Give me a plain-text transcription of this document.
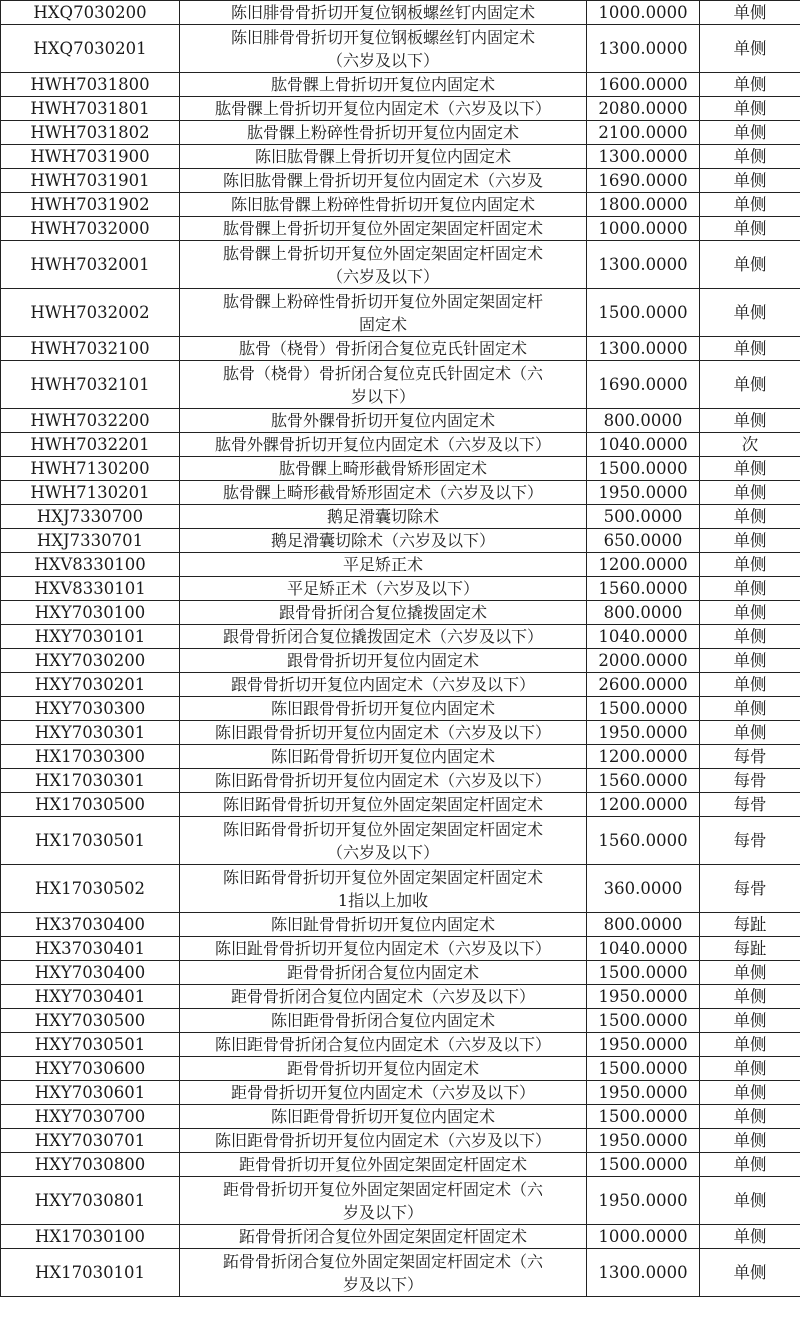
HXQ7030200	陈旧腓骨骨折切开复位钢板螺丝钉内固定术	1000.0000	单侧
HXQ7030201	陈旧腓骨骨折切开复位钢板螺丝钉内固定术
（六岁及以下）	1300.0000	单侧
HWH7031800	肱骨髁上骨折切开复位内固定术	1600.0000	单侧
HWH7031801	肱骨髁上骨折切开复位内固定术（六岁及以下）	2080.0000	单侧
HWH7031802	肱骨髁上粉碎性骨折切开复位内固定术	2100.0000	单侧
HWH7031900	陈旧肱骨髁上骨折切开复位内固定术	1300.0000	单侧
HWH7031901	陈旧肱骨髁上骨折切开复位内固定术（六岁及	1690.0000	单侧
HWH7031902	陈旧肱骨髁上粉碎性骨折切开复位内固定术	1800.0000	单侧
HWH7032000	肱骨髁上骨折切开复位外固定架固定杆固定术	1000.0000	单侧
HWH7032001	肱骨髁上骨折切开复位外固定架固定杆固定术
（六岁及以下）	1300.0000	单侧
HWH7032002	肱骨髁上粉碎性骨折切开复位外固定架固定杆
固定术	1500.0000	单侧
HWH7032100	肱骨（桡骨）骨折闭合复位克氏针固定术	1300.0000	单侧
HWH7032101	肱骨（桡骨）骨折闭合复位克氏针固定术（六
岁以下）	1690.0000	单侧
HWH7032200	肱骨外髁骨折切开复位内固定术	800.0000	单侧
HWH7032201	肱骨外髁骨折切开复位内固定术（六岁及以下）	1040.0000	次
HWH7130200	肱骨髁上畸形截骨矫形固定术	1500.0000	单侧
HWH7130201	肱骨髁上畸形截骨矫形固定术（六岁及以下）	1950.0000	单侧
HXJ7330700	鹅足滑囊切除术	500.0000	单侧
HXJ7330701	鹅足滑囊切除术（六岁及以下）	650.0000	单侧
HXV8330100	平足矫正术	1200.0000	单侧
HXV8330101	平足矫正术（六岁及以下）	1560.0000	单侧
HXY7030100	跟骨骨折闭合复位撬拨固定术	800.0000	单侧
HXY7030101	跟骨骨折闭合复位撬拨固定术（六岁及以下）	1040.0000	单侧
HXY7030200	跟骨骨折切开复位内固定术	2000.0000	单侧
HXY7030201	跟骨骨折切开复位内固定术（六岁及以下）	2600.0000	单侧
HXY7030300	陈旧跟骨骨折切开复位内固定术	1500.0000	单侧
HXY7030301	陈旧跟骨骨折切开复位内固定术（六岁及以下）	1950.0000	单侧
HX17030300	陈旧跖骨骨折切开复位内固定术	1200.0000	每骨
HX17030301	陈旧跖骨骨折切开复位内固定术（六岁及以下）	1560.0000	每骨
HX17030500	陈旧跖骨骨折切开复位外固定架固定杆固定术	1200.0000	每骨
HX17030501	陈旧跖骨骨折切开复位外固定架固定杆固定术
（六岁及以下）	1560.0000	每骨
HX17030502	陈旧跖骨骨折切开复位外固定架固定杆固定术
1指以上加收	360.0000	每骨
HX37030400	陈旧趾骨骨折切开复位内固定术	800.0000	每趾
HX37030401	陈旧趾骨骨折切开复位内固定术（六岁及以下）	1040.0000	每趾
HXY7030400	距骨骨折闭合复位内固定术	1500.0000	单侧
HXY7030401	距骨骨折闭合复位内固定术（六岁及以下）	1950.0000	单侧
HXY7030500	陈旧距骨骨折闭合复位内固定术	1500.0000	单侧
HXY7030501	陈旧距骨骨折闭合复位内固定术（六岁及以下）	1950.0000	单侧
HXY7030600	距骨骨折切开复位内固定术	1500.0000	单侧
HXY7030601	距骨骨折切开复位内固定术（六岁及以下）	1950.0000	单侧
HXY7030700	陈旧距骨骨折切开复位内固定术	1500.0000	单侧
HXY7030701	陈旧距骨骨折切开复位内固定术（六岁及以下）	1950.0000	单侧
HXY7030800	距骨骨折切开复位外固定架固定杆固定术	1500.0000	单侧
HXY7030801	距骨骨折切开复位外固定架固定杆固定术（六
岁及以下）	1950.0000	单侧
HX17030100	跖骨骨折闭合复位外固定架固定杆固定术	1000.0000	单侧
HX17030101	跖骨骨折闭合复位外固定架固定杆固定术（六
岁及以下）	1300.0000	单侧
